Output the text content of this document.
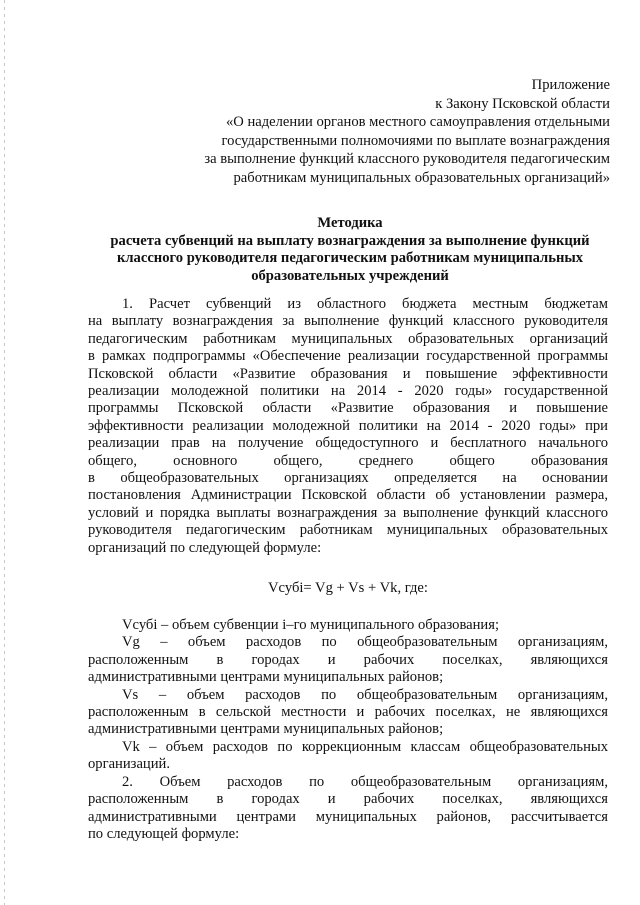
Приложение
к Закону Псковской области
«О наделении органов местного самоуправления отдельными
государственными полномочиями по выплате вознаграждения
за выполнение функций классного руководителя педагогическим
работникам муниципальных образовательных организаций»
Методика
расчета субвенций на выплату вознаграждения за выполнение функций
классного руководителя педагогическим работникам муниципальных
образовательных учреждений
1. Расчет субвенций из областного бюджета местным бюджетам
на выплату вознаграждения за выполнение функций классного руководителя
педагогическим работникам муниципальных образовательных организаций
в рамках подпрограммы «Обеспечение реализации государственной программы
Псковской области «Развитие образования и повышение эффективности
реализации молодежной политики на 2014 - 2020 годы» государственной
программы Псковской области «Развитие образования и повышение
эффективности реализации молодежной политики на 2014 - 2020 годы» при
реализации прав на получение общедоступного и бесплатного начального
общего, основного общего, среднего общего образования
в общеобразовательных организациях определяется на основании
постановления Администрации Псковской области об установлении размера,
условий и порядка выплаты вознаграждения за выполнение функций классного
руководителя педагогическим работникам муниципальных образовательных
организаций по следующей формуле:
Vсубi= Vg + Vs + Vk, где:
Vсубi – объем субвенции i–го муниципального образования;
Vg – объем расходов по общеобразовательным организациям,
расположенным в городах и рабочих поселках, являющихся
административными центрами муниципальных районов;
Vs – объем расходов по общеобразовательным организациям,
расположенным в сельской местности и рабочих поселках, не являющихся
административными центрами муниципальных районов;
Vk – объем расходов по коррекционным классам общеобразовательных
организаций.
2. Объем расходов по общеобразовательным организациям,
расположенным в городах и рабочих поселках, являющихся
административными центрами муниципальных районов, рассчитывается
по следующей формуле:
